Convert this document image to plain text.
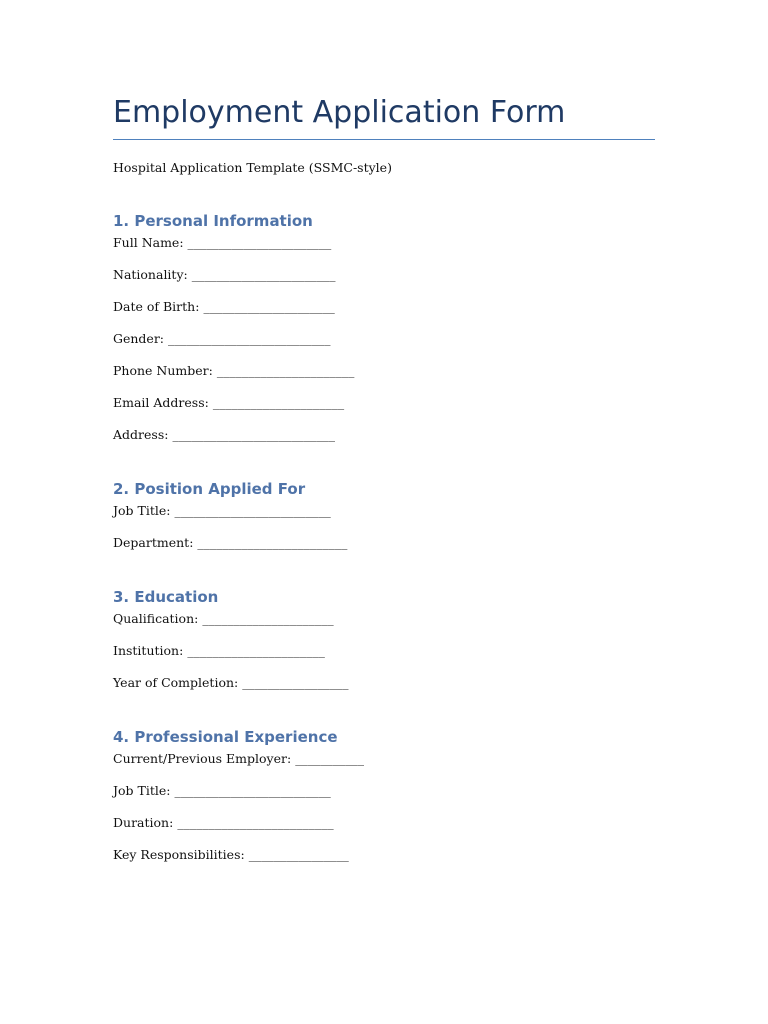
Employment Application Form
Hospital Application Template (SSMC-style)
1. Personal Information
Full Name: _______________________
Nationality: _______________________
Date of Birth: _____________________
Gender: __________________________
Phone Number: ______________________
Email Address: _____________________
Address: __________________________
2. Position Applied For
Job Title: _________________________
Department: ________________________
3. Education
Qualification: _____________________
Institution: ______________________
Year of Completion: _________________
4. Professional Experience
Current/Previous Employer: ___________
Job Title: _________________________
Duration: _________________________
Key Responsibilities: ________________
